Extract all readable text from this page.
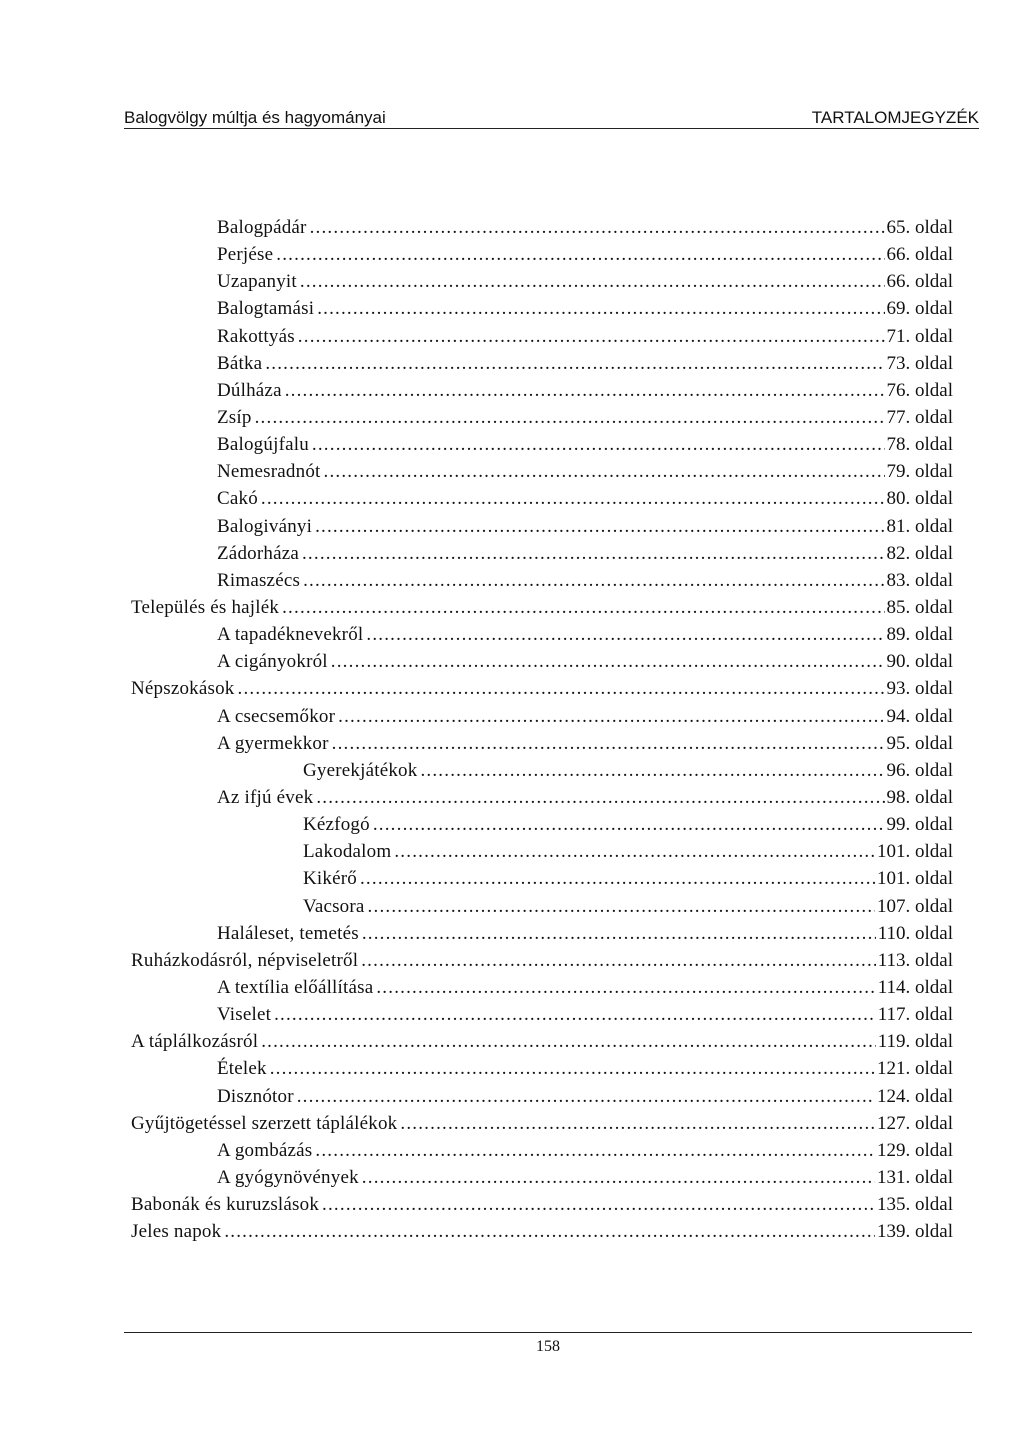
Balogvölgy múltja és hagyományai	TARTALOMJEGYZÉK
Balogpádár .....	65. oldal
Perjése .....	66. oldal
Uzapanyit .....	66. oldal
Balogtamási .....	69. oldal
Rakottyás .....	71. oldal
Bátka .....	73. oldal
Dúlháza .....	76. oldal
Zsíp .....	77. oldal
Balogújfalu .....	78. oldal
Nemesradnót .....	79. oldal
Cakó .....	80. oldal
Balogiványi .....	81. oldal
Zádorháza .....	82. oldal
Rimaszécs .....	83. oldal
Település és hajlék .....	85. oldal
A tapadéknevekről .....	89. oldal
A cigányokról .....	90. oldal
Népszokások .....	93. oldal
A csecsemőkor .....	94. oldal
A gyermekkor .....	95. oldal
Gyerekjátékok .....	96. oldal
Az ifjú évek .....	98. oldal
Kézfogó .....	99. oldal
Lakodalom .....	101. oldal
Kikérő .....	101. oldal
Vacsora .....	107. oldal
Haláleset, temetés .....	110. oldal
Ruházkodásról, népviseletről .....	113. oldal
A textília előállítása .....	114. oldal
Viselet .....	117. oldal
A táplálkozásról .....	119. oldal
Ételek .....	121. oldal
Disznótor .....	124. oldal
Gyűjtögetéssel szerzett táplálékok .....	127. oldal
A gombázás .....	129. oldal
A gyógynövények .....	131. oldal
Babonák és kuruzslások .....	135. oldal
Jeles napok .....	139. oldal
158
